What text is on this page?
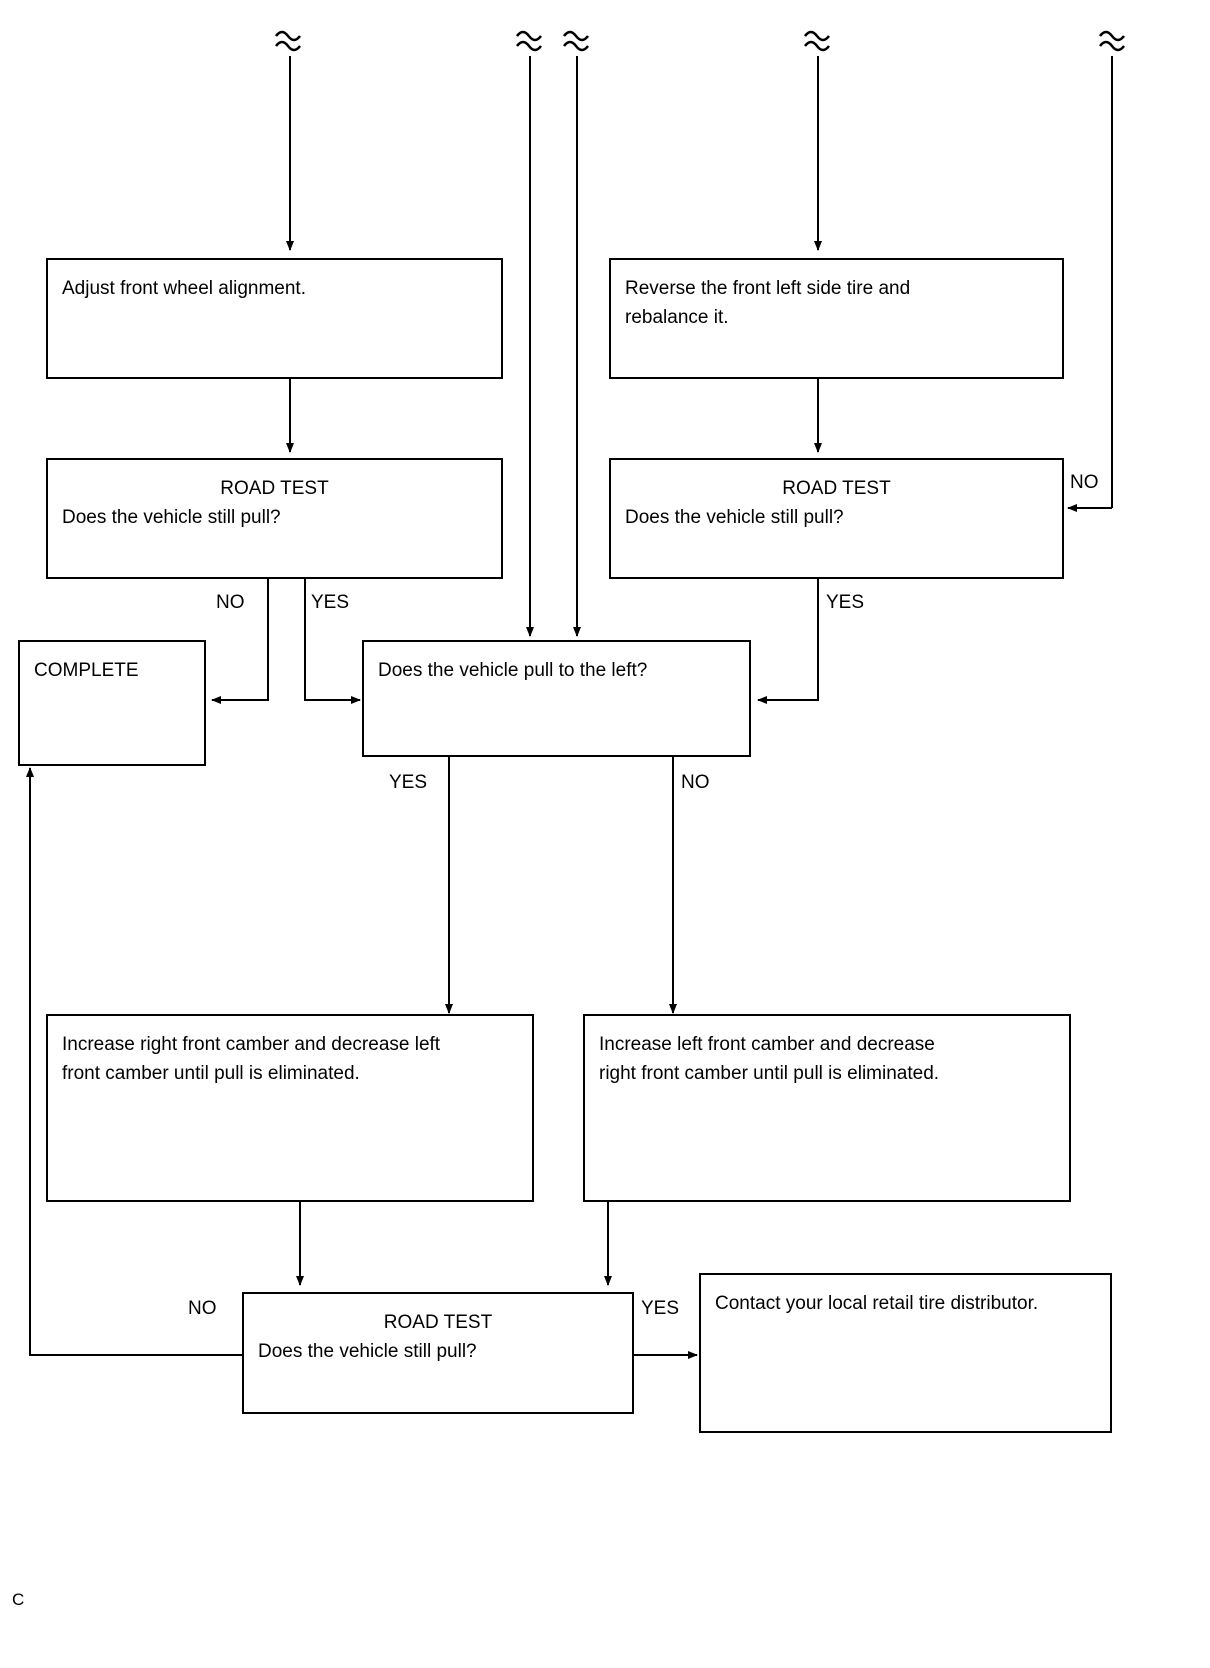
Adjust front wheel alignment.	Reverse the front left side tire and
rebalance it.
ROAD TEST
Does the vehicle still pull?
ROAD TEST
Does the vehicle still pull?
COMPLETE	Does the vehicle pull to the left?
Increase right front camber and decrease left
front camber until pull is eliminated.
Increase left front camber and decrease
right front camber until pull is eliminated.
ROAD TEST
Does the vehicle still pull?
Contact your local retail tire distributor.
NO	YES
NO
YES
YES	NO
NO	YES
C
